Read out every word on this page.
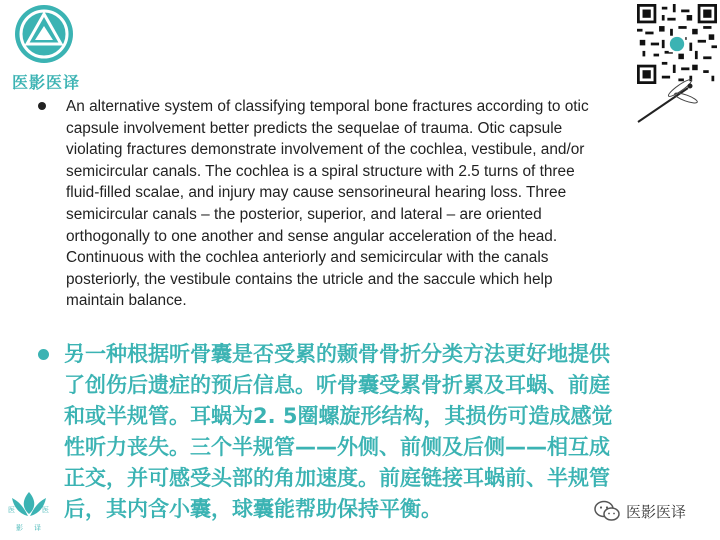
医影医译
An alternative system of classifying temporal bone fractures according to otic
capsule involvement better predicts the sequelae of trauma. Otic capsule
violating fractures demonstrate involvement of the cochlea, vestibule, and/or
semicircular canals. The cochlea is a spiral structure with 2.5 turns of three
fluid-filled scalae, and injury may cause sensorineural hearing loss. Three
semicircular canals – the posterior, superior, and lateral – are oriented
orthogonally to one another and sense angular acceleration of the head.
Continuous with the cochlea anteriorly and semicircular with the canals
posteriorly, the vestibule contains the utricle and the saccule which help
maintain balance.
另一种根据听骨囊是否受累的颞骨骨折分类方法更好地提供
了创伤后遗症的预后信息。听骨囊受累骨折累及耳蜗、前庭
和或半规管。耳蜗为2. 5圈螺旋形结构，其损伤可造成感觉
性听力丧失。三个半规管——外侧、前侧及后侧——相互成
正交，并可感受头部的角加速度。前庭链接耳蜗前、半规管
后，其内含小囊，球囊能帮助保持平衡。
医	医
影 译
医影医译
